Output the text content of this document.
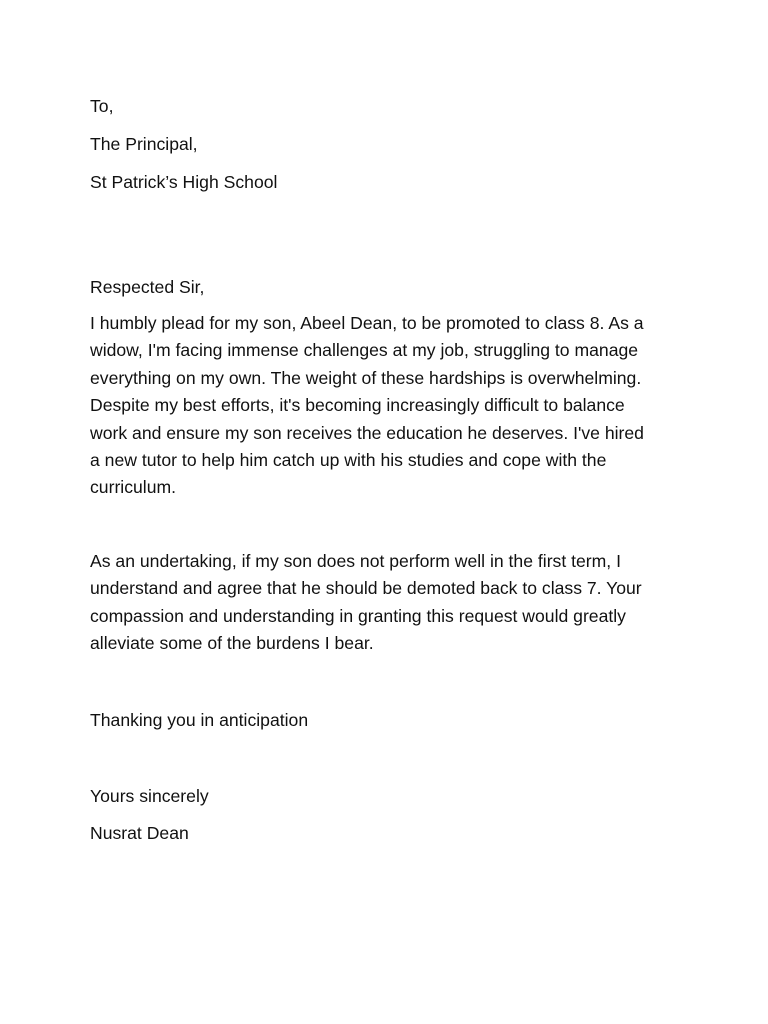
To,

The Principal,

St Patrick’s High School

Respected Sir,

I humbly plead for my son, Abeel Dean, to be promoted to class 8. As a
widow, I'm facing immense challenges at my job, struggling to manage
everything on my own. The weight of these hardships is overwhelming.
Despite my best efforts, it's becoming increasingly difficult to balance
work and ensure my son receives the education he deserves. I've hired
a new tutor to help him catch up with his studies and cope with the
curriculum.
As an undertaking, if my son does not perform well in the first term, I
understand and agree that he should be demoted back to class 7. Your
compassion and understanding in granting this request would greatly
alleviate some of the burdens I bear.

Thanking you in anticipation

Yours sincerely

Nusrat Dean
